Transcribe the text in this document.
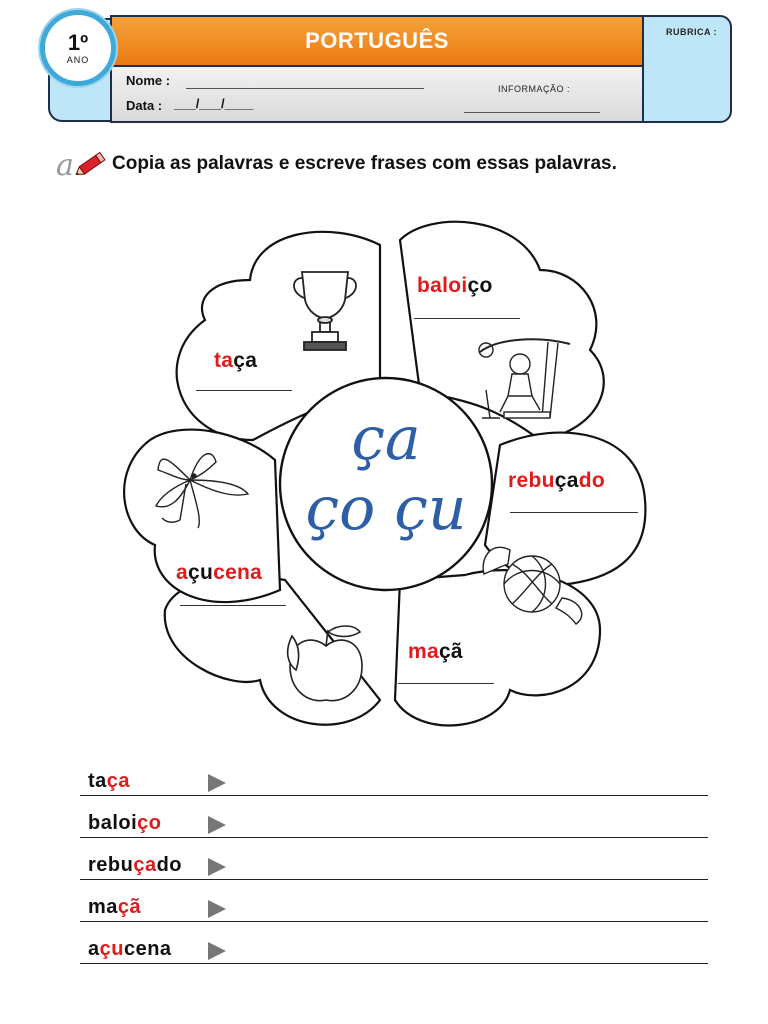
1º
ANO
PORTUGUÊS
Nome :
Data : ___/___/____
INFORMAÇÃO :
RUBRICA :
a Copia as palavras e escreve frases com essas palavras.
ça
ço çu
taça
baloiço
rebuçado
açucena
maçã
taça
baloiço
rebuçado
maçã
açucena
